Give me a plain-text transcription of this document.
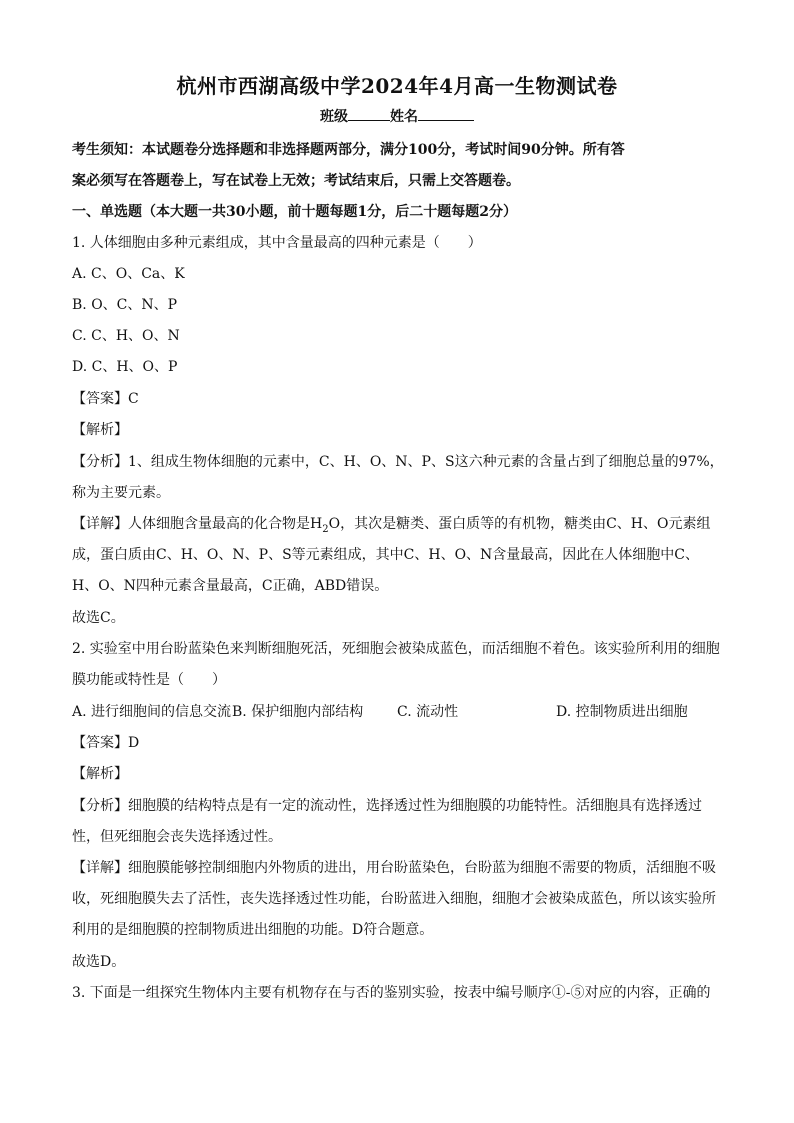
杭州市西湖高级中学2024年4月高一生物测试卷
班级	姓名
考生须知：本试题卷分选择题和非选择题两部分，满分100分，考试时间90分钟。所有答
案必须写在答题卷上，写在试卷上无效；考试结束后，只需上交答题卷。
一、单选题（本大题一共30小题，前十题每题1分，后二十题每题2分）
1. 人体细胞由多种元素组成，其中含量最高的四种元素是（　　）
A. C、O、Ca、K
B. O、C、N、P
C. C、H、O、N
D. C、H、O、P
【答案】C
【解析】
【分析】1、组成生物体细胞的元素中，C、H、O、N、P、S这六种元素的含量占到了细胞总量的97%，
称为主要元素。
【详解】人体细胞含量最高的化合物是$H_2O$，其次是糖类、蛋白质等的有机物，糖类由C、H、O元素组
成，蛋白质由C、H、O、N、P、S等元素组成，其中C、H、O、N含量最高，因此在人体细胞中C、
H、O、N四种元素含量最高，C正确，ABD错误。
故选C。
2. 实验室中用台盼蓝染色来判断细胞死活，死细胞会被染成蓝色，而活细胞不着色。该实验所利用的细胞
膜功能或特性是（　　）
A. 进行细胞间的信息交流 B. 保护细胞内部结构 C. 流动性	D. 控制物质进出细胞
【答案】D
【解析】
【分析】细胞膜的结构特点是有一定的流动性，选择透过性为细胞膜的功能特性。活细胞具有选择透过
性，但死细胞会丧失选择透过性。
【详解】细胞膜能够控制细胞内外物质的进出，用台盼蓝染色，台盼蓝为细胞不需要的物质，活细胞不吸
收，死细胞膜失去了活性，丧失选择透过性功能，台盼蓝进入细胞，细胞才会被染成蓝色，所以该实验所
利用的是细胞膜的控制物质进出细胞的功能。D符合题意。
故选D。
3. 下面是一组探究生物体内主要有机物存在与否的鉴别实验，按表中编号顺序①-⑤对应的内容，正确的
